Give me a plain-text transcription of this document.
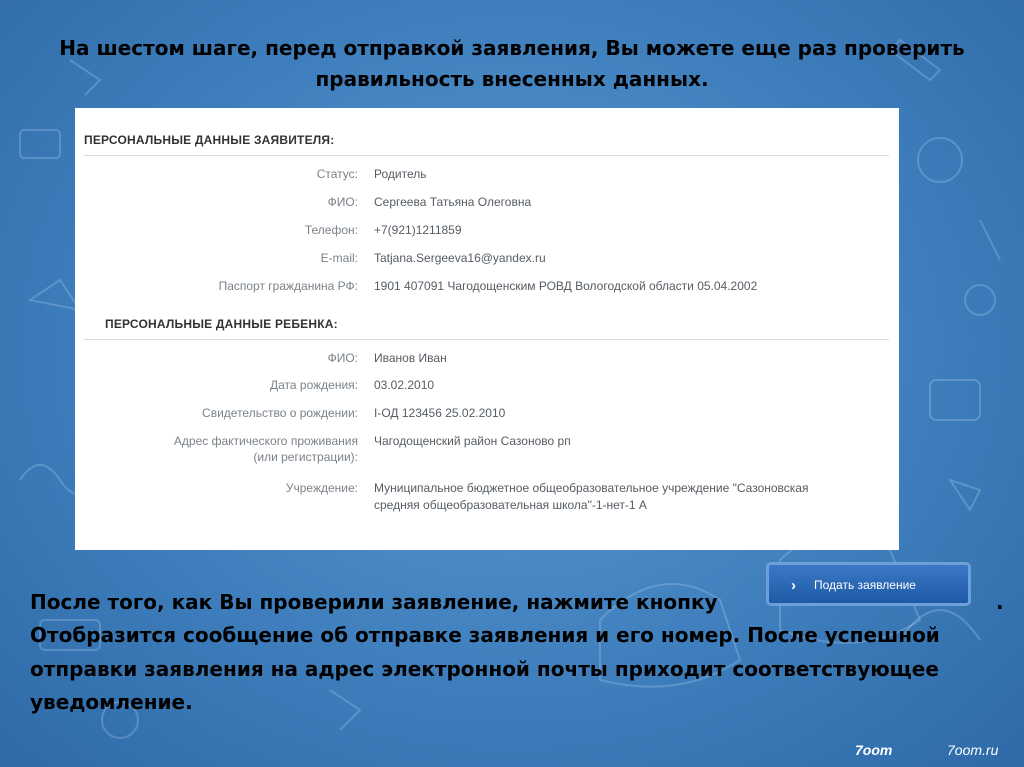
На шестом шаге, перед отправкой заявления, Вы можете еще раз проверить
правильность внесенных данных.
ПЕРСОНАЛЬНЫЕ ДАННЫЕ ЗАЯВИТЕЛЯ:
Статус: Родитель
ФИО: Сергеева Татьяна Олеговна
Телефон: +7(921)1211859
E-mail: Tatjana.Sergeeva16@yandex.ru
Паспорт гражданина РФ: 1901 407091 Чагодощенским РОВД Вологодской области 05.04.2002
ПЕРСОНАЛЬНЫЕ ДАННЫЕ РЕБЕНКА:
ФИО: Иванов Иван
Дата рождения: 03.02.2010
Свидетельство о рождении: I-ОД 123456 25.02.2010
Адрес фактического проживания
(или регистрации):
Чагодощенский район Сазоново рп
Учреждение: Муниципальное бюджетное общеобразовательное учреждение "Сазоновская
средняя общеобразовательная школа"-1-нет-1 А
› Подать заявление
После того, как Вы проверили заявление, нажмите кнопку	.
Отобразится сообщение об отправке заявления и его номер. После успешной
отправки заявления на адрес электронной почты приходит соответствующее
уведомление.
7oom	7oom.ru
